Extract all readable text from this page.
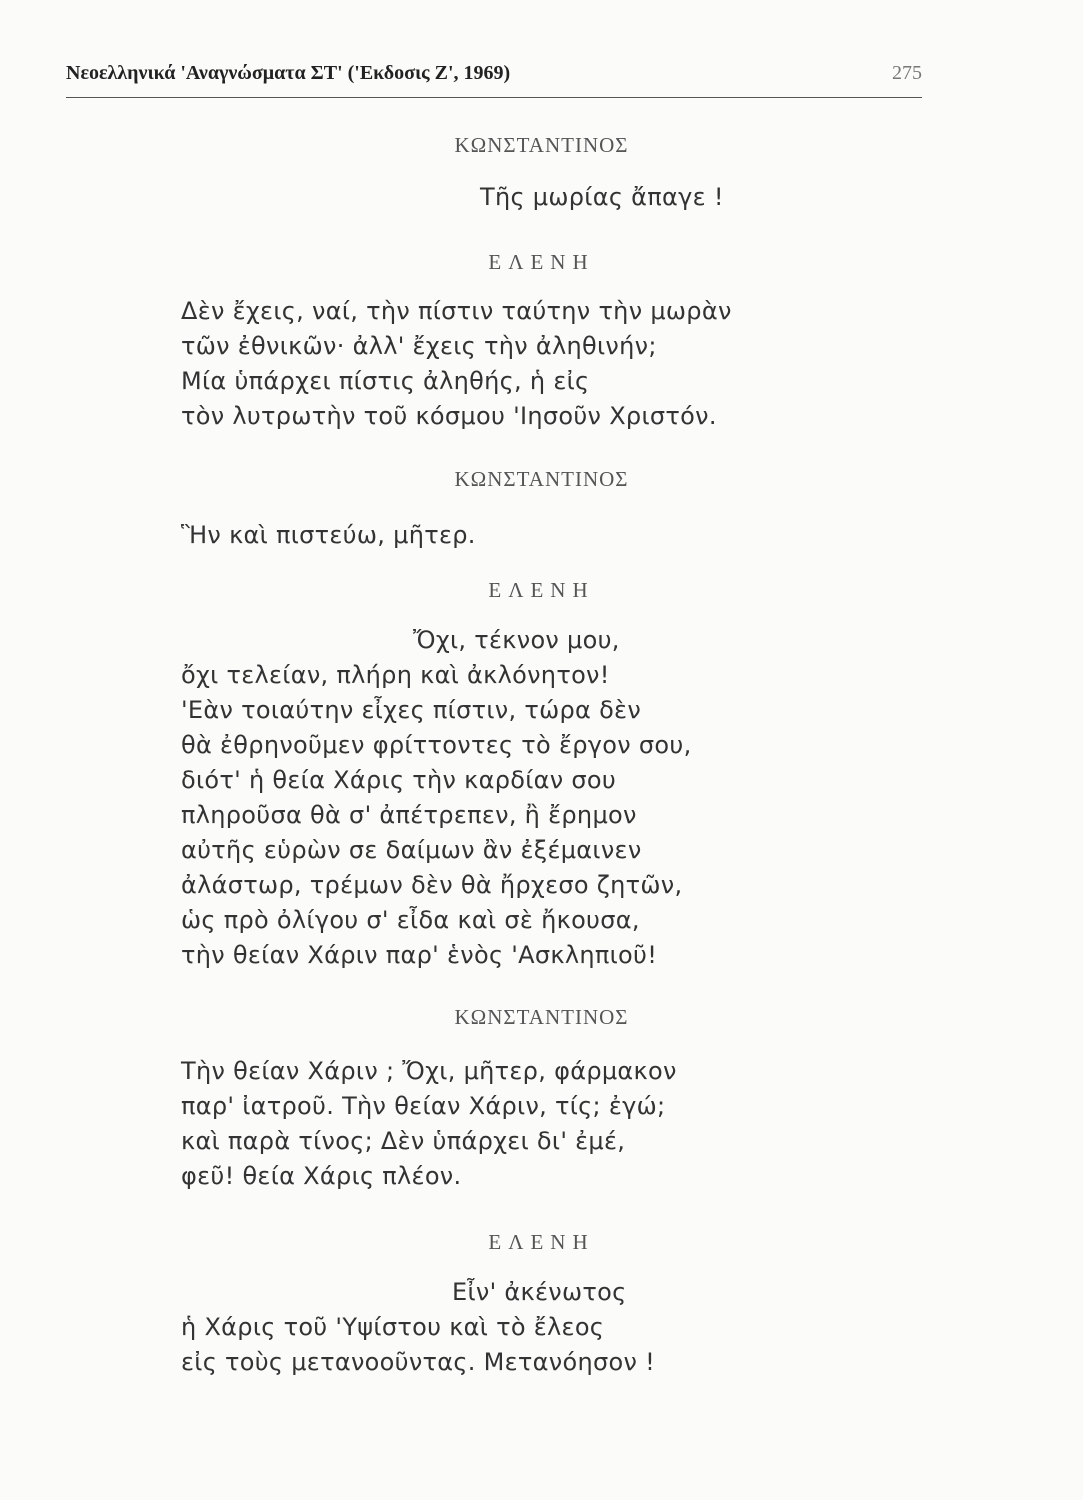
Νεοελληνικά 'Αναγνώσματα ΣΤ' ('Εκδοσις Ζ', 1969)	275
ΚΩΝΣΤΑΝΤΙΝΟΣ
Τῆς μωρίας ἄπαγε !
ΕΛΕΝΗ
Δὲν ἔχεις, ναί, τὴν πίστιν ταύτην τὴν μωρὰν
τῶν ἐθνικῶν· ἀλλ' ἔχεις τὴν ἀληθινήν;
Μία ὑπάρχει πίστις ἀληθής, ἡ εἰς
τὸν λυτρωτὴν τοῦ κόσμου 'Ιησοῦν Χριστόν.
ΚΩΝΣΤΑΝΤΙΝΟΣ
Ἣν καὶ πιστεύω, μῆτερ.
ΕΛΕΝΗ
Ὄχι, τέκνον μου,
ὄχι τελείαν, πλήρη καὶ ἀκλόνητον!
'Εὰν τοιαύτην εἶχες πίστιν, τώρα δὲν
θὰ ἐθρηνοῦμεν φρίττοντες τὸ ἔργον σου,
διότ' ἡ θεία Χάρις τὴν καρδίαν σου
πληροῦσα θὰ σ' ἀπέτρεπεν, ἢ ἔρημον
αὐτῆς εὑρὼν σε δαίμων ἂν ἐξέμαινεν
ἀλάστωρ, τρέμων δὲν θὰ ἤρχεσο ζητῶν,
ὡς πρὸ ὀλίγου σ' εἶδα καὶ σὲ ἤκουσα,
τὴν θείαν Χάριν παρ' ἑνὸς 'Ασκληπιοῦ!
ΚΩΝΣΤΑΝΤΙΝΟΣ
Τὴν θείαν Χάριν ; Ὄχι, μῆτερ, φάρμακον
παρ' ἰατροῦ. Τὴν θείαν Χάριν, τίς; ἐγώ;
καὶ παρὰ τίνος; Δὲν ὑπάρχει δι' ἐμέ,
φεῦ! θεία Χάρις πλέον.
ΕΛΕΝΗ
Εἶν' ἀκένωτος
ἡ Χάρις τοῦ 'Υψίστου καὶ τὸ ἔλεος
εἰς τοὺς μετανοοῦντας. Μετανόησον !
